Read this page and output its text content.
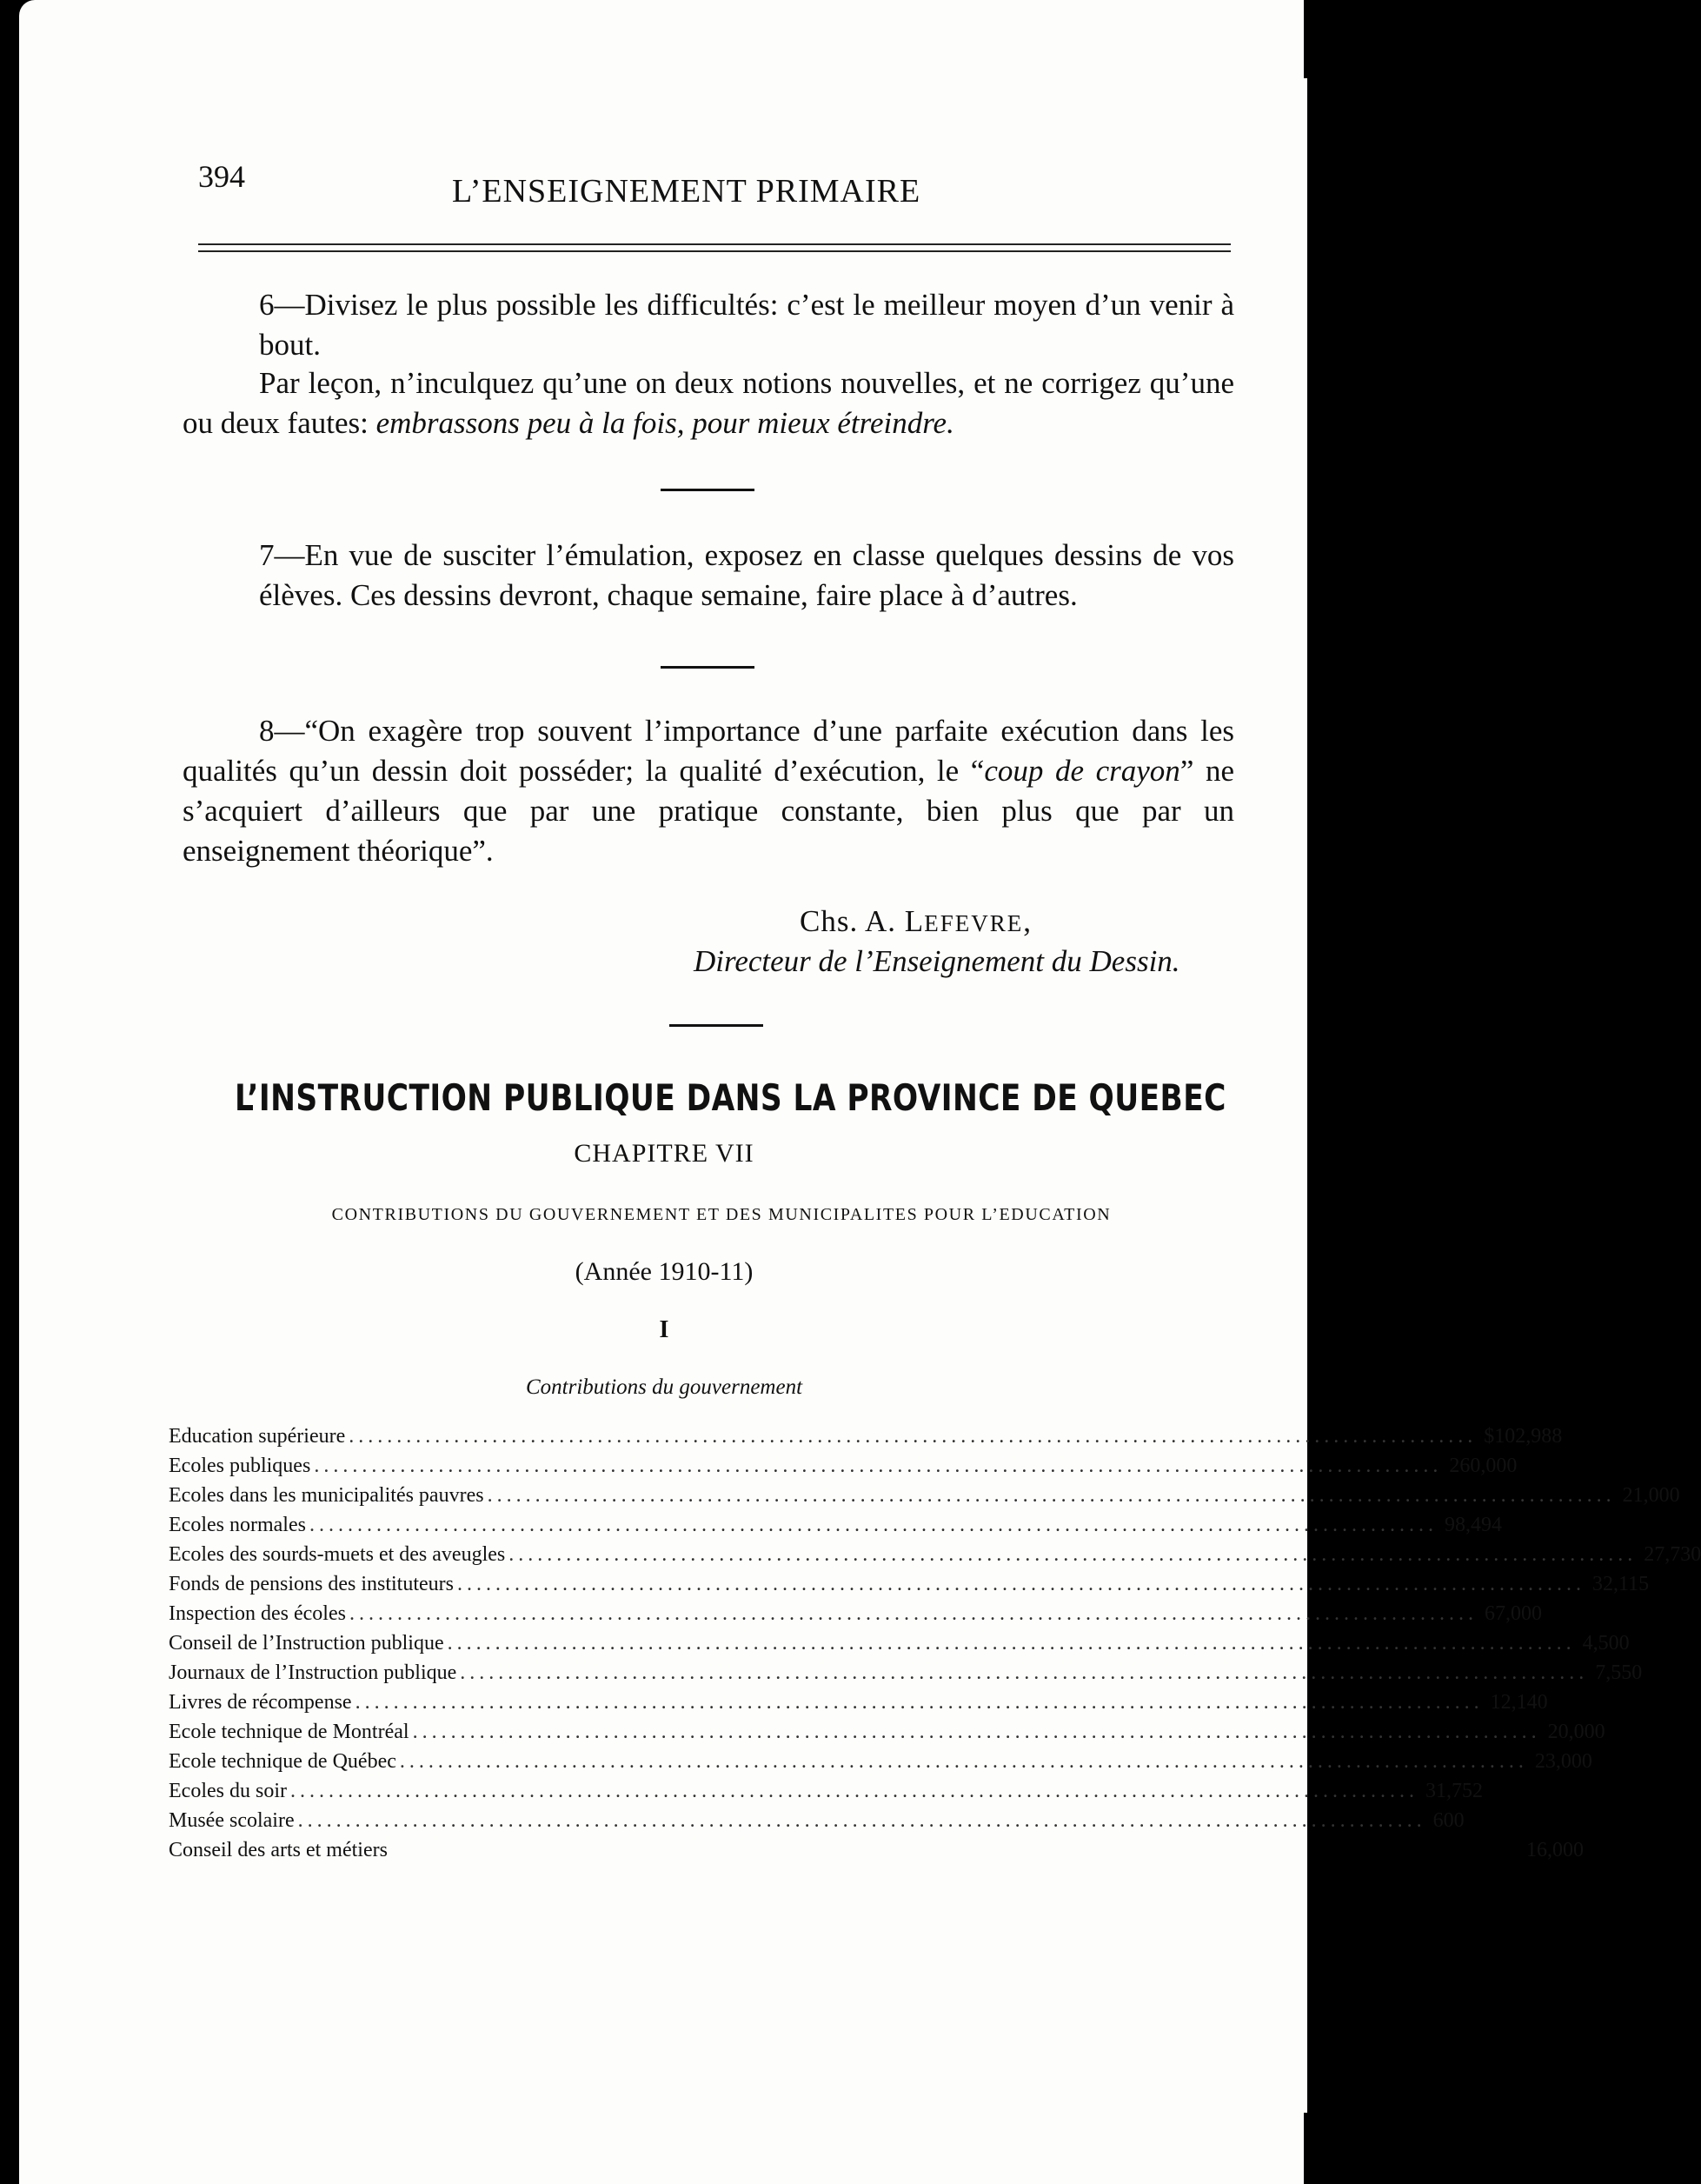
394	L’ENSEIGNEMENT PRIMAIRE
6—Divisez le plus possible les difficultés: c’est le meilleur moyen d’un venir à bout.
Par leçon, n’inculquez qu’une on deux notions nouvelles, et ne corrigez qu’une ou deux fautes: embrassons peu à la fois, pour mieux étreindre.
7—En vue de susciter l’émulation, exposez en classe quelques dessins de vos élèves. Ces dessins devront, chaque semaine, faire place à d’autres.
8—“On exagère trop souvent l’importance d’une parfaite exécution dans les qualités qu’un dessin doit posséder; la qualité d’exécution, le “coup de crayon” ne s’acquiert d’ailleurs que par une pratique constante, bien plus que par un enseignement théorique”.
Chs. A. LEFEVRE,
Directeur de l’Enseignement du Dessin.
L’INSTRUCTION PUBLIQUE DANS LA PROVINCE DE QUEBEC
CHAPITRE VII
CONTRIBUTIONS DU GOUVERNEMENT ET DES MUNICIPALITES POUR L’EDUCATION
(Année 1910-11)
I
Contributions du gouvernement
Education supérieure ...................................................................................................................... $102,988
Ecoles publiques ...................................................................................................................... 260,000
Ecoles dans les municipalités pauvres ...................................................................................................................... 21,000
Ecoles normales ...................................................................................................................... 98,494
Ecoles des sourds-muets et des aveugles ...................................................................................................................... 27,730
Fonds de pensions des instituteurs ...................................................................................................................... 32,115
Inspection des écoles ...................................................................................................................... 67,000
Conseil de l’Instruction publique ...................................................................................................................... 4,500
Journaux de l’Instruction publique ...................................................................................................................... 7,550
Livres de récompense ...................................................................................................................... 12,140
Ecole technique de Montréal ...................................................................................................................... 20,000
Ecole technique de Québec ...................................................................................................................... 23,000
Ecoles du soir ...................................................................................................................... 31,752
Musée scolaire ...................................................................................................................... 600
Conseil des arts et métiers	16,000
